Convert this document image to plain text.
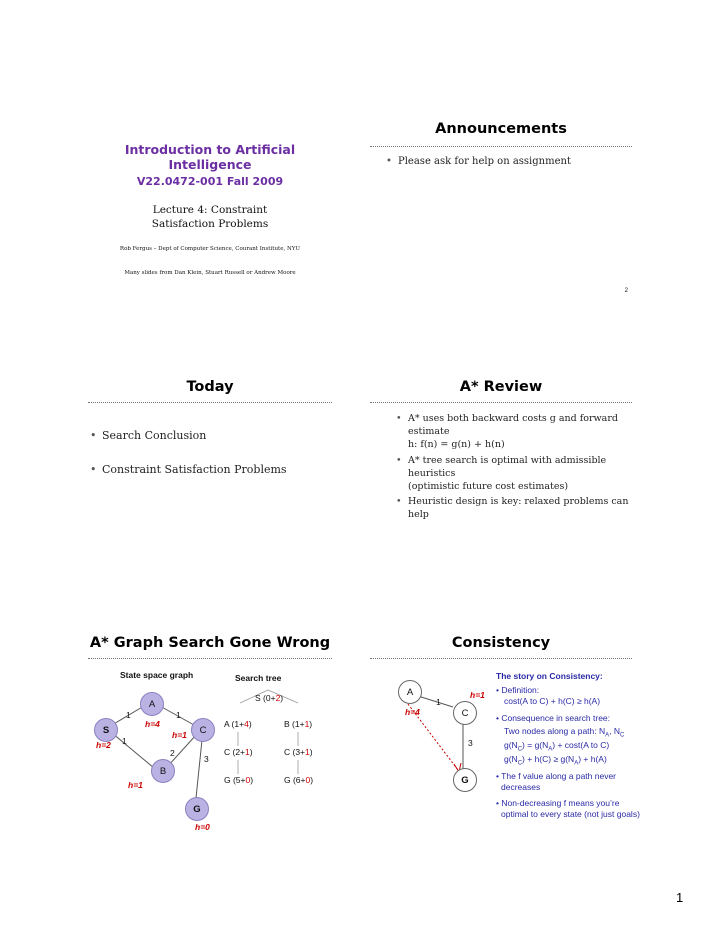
Introduction to Artificial Intelligence
V22.0472-001 Fall 2009
Lecture 4: Constraint
Satisfaction Problems
Rob Fergus – Dept of Computer Science, Courant Institute, NYU
Many slides from Dan Klein, Stuart Russell or Andrew Moore
Announcements
• Please ask for help on assignment
2
Today
• Search Conclusion
• Constraint Satisfaction Problems
A* Review
• A* uses both backward costs g and forward estimate
h: f(n) = g(n) + h(n)
• A* tree search is optimal with admissible heuristics
(optimistic future cost estimates)
• Heuristic design is key: relaxed problems can help
A* Graph Search Gone Wrong
State space graph	Search tree
A
S	C
B
G
h=4
h=1
h=2
h=1
h=0
1	1
1
2
3
S (0+2)
A (1+4)	B (1+1)
C (2+1)	C (3+1)
G (5+0)	G (6+0)
Consistency
A
C
G
h=4
h=1
1
3
The story on Consistency:
• Definition:
cost(A to C) + h(C) ≥ h(A)
• Consequence in search tree:
Two nodes along a path: $N_A$, $N_C$
$g(N_C) = g(N_A) + \cos t(A$ to C)
$g(N_C) + h(C) \ge g(N_A) + h(A)$
• The f value along a path never
decreases
• Non-decreasing f means you’re
optimal to every state (not just goals)
1
